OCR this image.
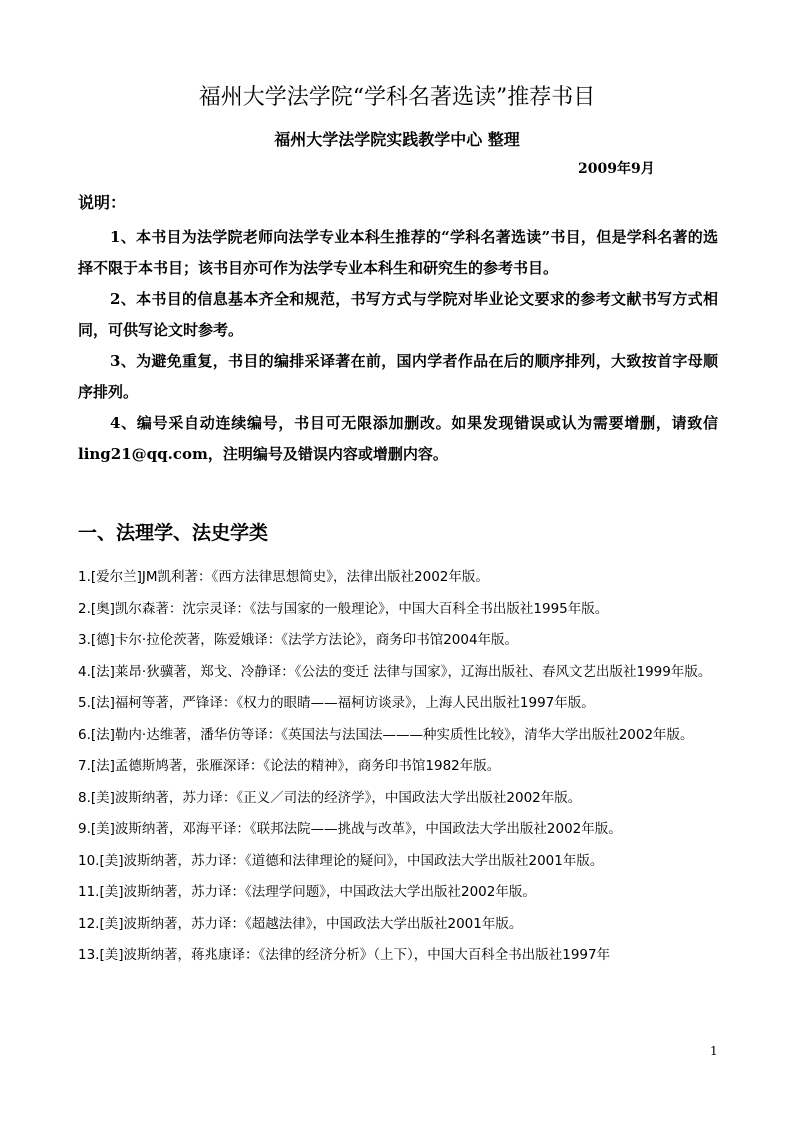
福州大学法学院“学科名著选读”推荐书目
福州大学法学院实践教学中心 整理
2009年9月
说明：
1、本书目为法学院老师向法学专业本科生推荐的“学科名著选读”书目，但是学科名著的选择不限于本书目；该书目亦可作为法学专业本科生和研究生的参考书目。
2、本书目的信息基本齐全和规范，书写方式与学院对毕业论文要求的参考文献书写方式相同，可供写论文时参考。
3、为避免重复，书目的编排采译著在前，国内学者作品在后的顺序排列，大致按首字母顺序排列。
4、编号采自动连续编号，书目可无限添加删改。如果发现错误或认为需要增删，请致信 ling21@qq.com，注明编号及错误内容或增删内容。
一、法理学、法史学类
1.[爱尔兰]JM凯利著：《西方法律思想简史》，法律出版社2002年版。
2.[奥]凯尔森著：沈宗灵译：《法与国家的一般理论》，中国大百科全书出版社1995年版。
3.[德]卡尔·拉伦茨著，陈爱娥译：《法学方法论》，商务印书馆2004年版。
4.[法]莱昂·狄骥著，郑戈、冷静译：《公法的变迁 法律与国家》，辽海出版社、春风文艺出版社1999年版。
5.[法]福柯等著，严锋译：《权力的眼睛——福柯访谈录》，上海人民出版社1997年版。
6.[法]勒内·达维著，潘华仿等译：《英国法与法国法———种实质性比较》，清华大学出版社2002年版。
7.[法]孟德斯鸠著，张雁深译：《论法的精神》，商务印书馆1982年版。
8.[美]波斯纳著，苏力译：《正义／司法的经济学》，中国政法大学出版社2002年版。
9.[美]波斯纳著，邓海平译：《联邦法院——挑战与改革》，中国政法大学出版社2002年版。
10.[美]波斯纳著，苏力译：《道德和法律理论的疑问》，中国政法大学出版社2001年版。
11.[美]波斯纳著，苏力译：《法理学问题》，中国政法大学出版社2002年版。
12.[美]波斯纳著，苏力译：《超越法律》，中国政法大学出版社2001年版。
13.[美]波斯纳著，蒋兆康译：《法律的经济分析》（上下），中国大百科全书出版社1997年
1
